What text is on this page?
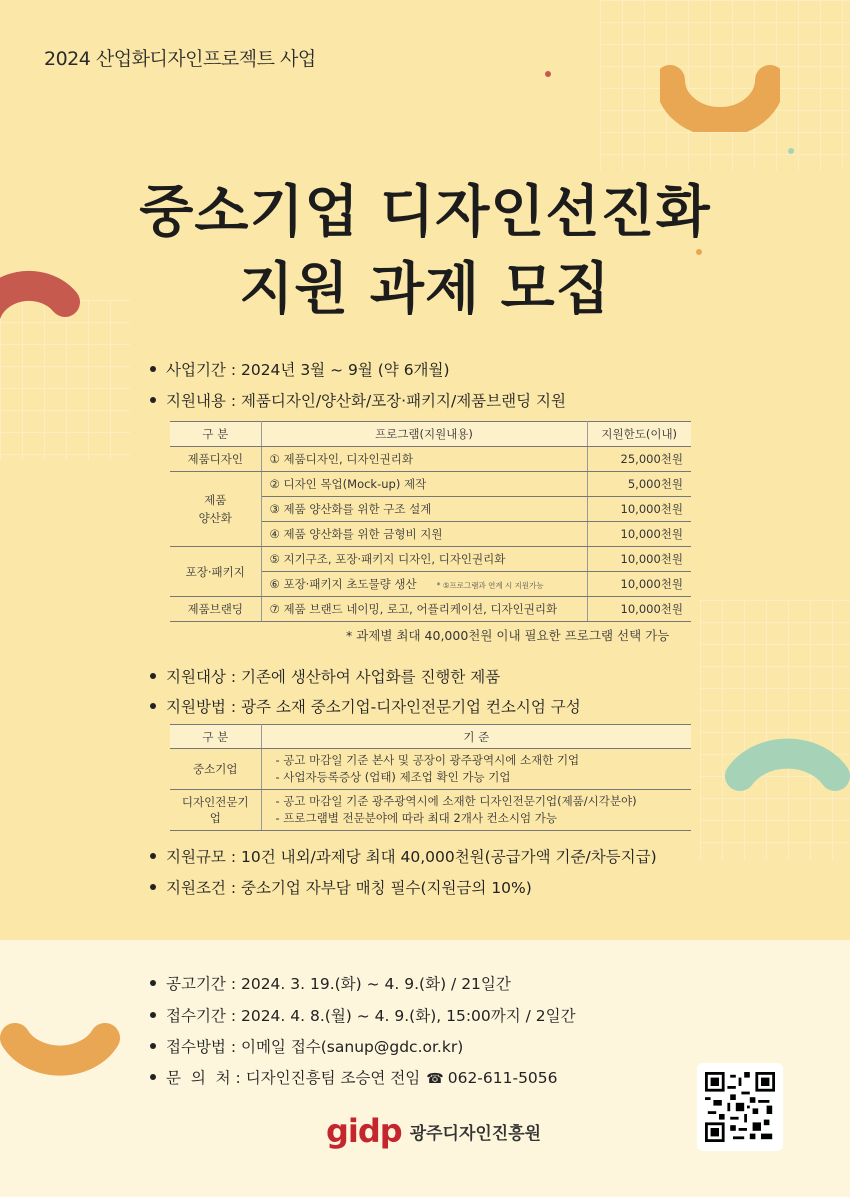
2024 산업화디자인프로젝트 사업
중소기업 디자인선진화
지원 과제 모집
사업기간 : 2024년 3월 ~ 9월 (약 6개월)
지원내용 : 제품디자인/양산화/포장·패키지/제품브랜딩 지원
구 분	프로그램(지원내용)	지원한도(이내)
제품디자인	① 제품디자인, 디자인권리화	25,000천원
제품
양산화	② 디자인 목업(Mock-up) 제작	5,000천원
	③ 제품 양산화를 위한 구조 설계	10,000천원
	④ 제품 양산화를 위한 금형비 지원	10,000천원
포장·패키지	⑤ 지기구조, 포장·패키지 디자인, 디자인권리화	10,000천원
	⑥ 포장·패키지 초도물량 생산 * ⑤프로그램과 연계 시 지원가능	10,000천원
제품브랜딩	⑦ 제품 브랜드 네이밍, 로고, 어플리케이션, 디자인권리화	10,000천원
* 과제별 최대 40,000천원 이내 필요한 프로그램 선택 가능
지원대상 : 기존에 생산하여 사업화를 진행한 제품
지원방법 : 광주 소재 중소기업-디자인전문기업 컨소시엄 구성
구 분	기 준
중소기업	- 공고 마감일 기준 본사 및 공장이 광주광역시에 소재한 기업
- 사업자등록증상 (업태) 제조업 확인 가능 기업

디자인전문기업	- 공고 마감일 기준 광주광역시에 소재한 디자인전문기업(제품/시각분야)
- 프로그램별 전문분야에 따라 최대 2개사 컨소시엄 가능
지원규모 : 10건 내외/과제당 최대 40,000천원(공급가액 기준/차등지급)
지원조건 : 중소기업 자부담 매칭 필수(지원금의 10%)
공고기간 : 2024. 3. 19.(화) ~ 4. 9.(화) / 21일간
접수기간 : 2024. 4. 8.(월) ~ 4. 9.(화), 15:00까지 / 2일간
접수방법 : 이메일 접수(sanup@gdc.or.kr)
문  의  처 : 디자인진흥팀 조승연 전임 ☎ 062-611-5056
gidp 광주디자인진흥원
